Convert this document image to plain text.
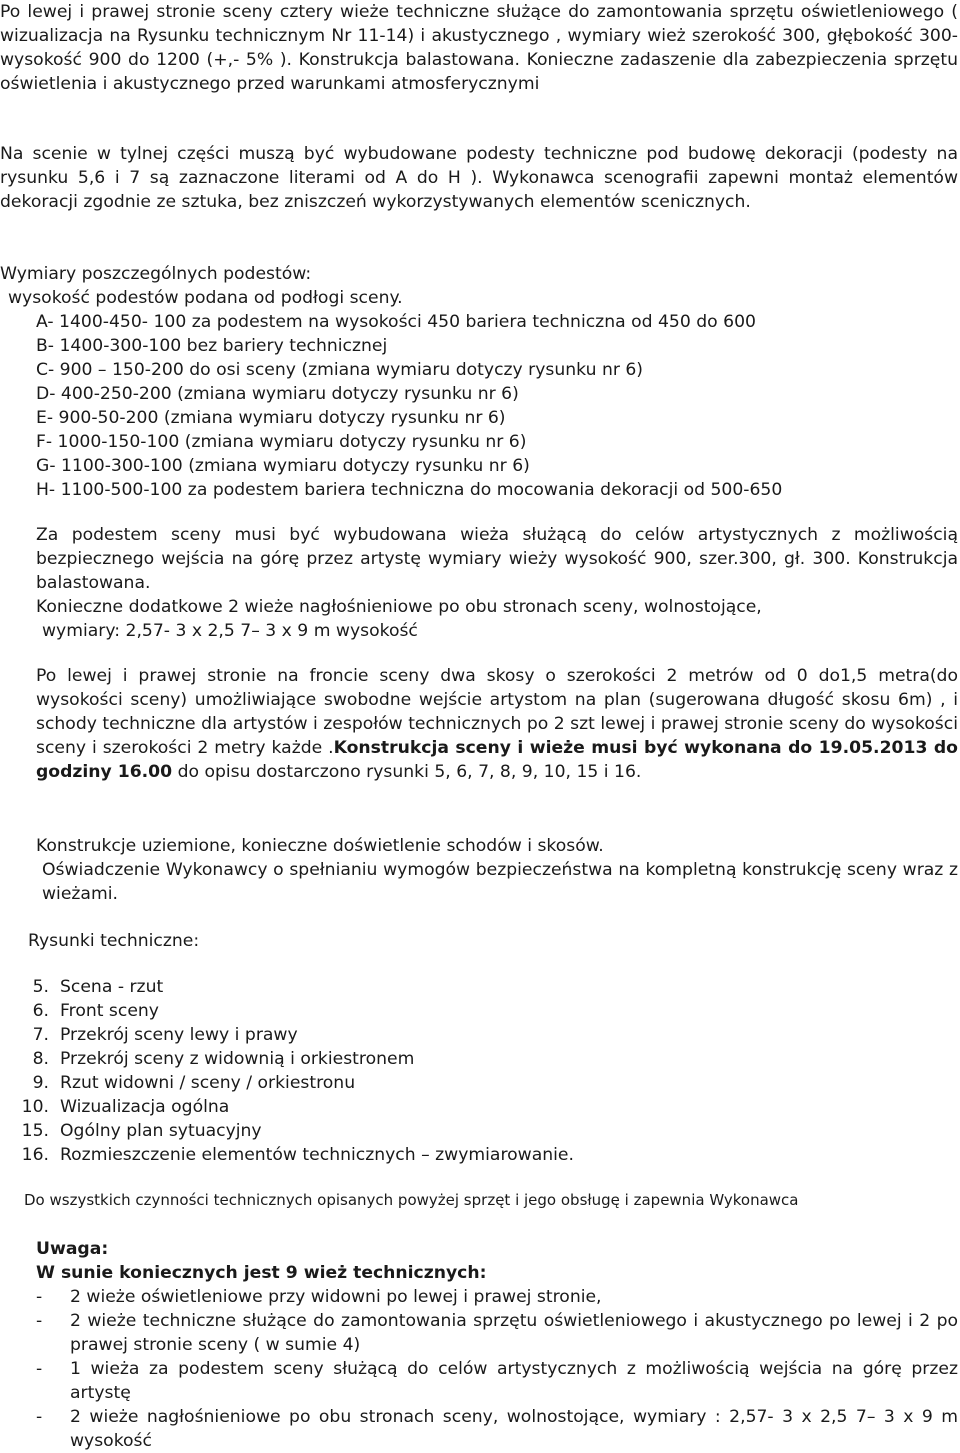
Po lewej i prawej stronie sceny cztery wieże techniczne służące do zamontowania sprzętu oświetleniowego ( wizualizacja na Rysunku technicznym Nr 11-14) i akustycznego , wymiary wież szerokość 300, głębokość 300- wysokość 900 do 1200 (+,- 5% ). Konstrukcja balastowana. Konieczne zadaszenie dla zabezpieczenia sprzętu oświetlenia i akustycznego przed warunkami atmosferycznymi

Na scenie w tylnej części muszą być wybudowane podesty techniczne pod budowę dekoracji (podesty na rysunku 5,6 i 7 są zaznaczone literami od A do H ). Wykonawca scenografii zapewni montaż elementów dekoracji zgodnie ze sztuka, bez zniszczeń wykorzystywanych elementów scenicznych.

Wymiary poszczególnych podestów:

wysokość podestów podana od podłogi sceny.

A- 1400-450- 100 za podestem na wysokości 450 bariera techniczna od 450 do 600

B- 1400-300-100 bez bariery technicznej

C- 900 – 150-200 do osi sceny (zmiana wymiaru dotyczy rysunku nr 6)

D- 400-250-200 (zmiana wymiaru dotyczy rysunku nr 6)

E- 900-50-200 (zmiana wymiaru dotyczy rysunku nr 6)

F- 1000-150-100 (zmiana wymiaru dotyczy rysunku nr 6)

G- 1100-300-100 (zmiana wymiaru dotyczy rysunku nr 6)

H- 1100-500-100 za podestem bariera techniczna do mocowania dekoracji od 500-650

Za podestem sceny musi być wybudowana wieża służącą do celów artystycznych z możliwością bezpiecznego wejścia na górę przez artystę wymiary wieży wysokość 900, szer.300, gł. 300. Konstrukcja balastowana.

Konieczne dodatkowe 2 wieże nagłośnieniowe po obu stronach sceny, wolnostojące,

wymiary: 2,57- 3 x 2,5 7– 3 x 9 m wysokość

Po lewej i prawej stronie na froncie sceny dwa skosy o szerokości 2 metrów od 0 do1,5 metra(do wysokości sceny) umożliwiające swobodne wejście artystom na plan (sugerowana długość skosu 6m) , i schody techniczne dla artystów i zespołów technicznych po 2 szt lewej i prawej stronie sceny do wysokości sceny i szerokości 2 metry każde .Konstrukcja sceny i wieże musi być wykonana do 19.05.2013 do godziny 16.00 do opisu dostarczono rysunki 5, 6, 7, 8, 9, 10, 15 i 16.

Konstrukcje uziemione, konieczne doświetlenie schodów i skosów.

Oświadczenie Wykonawcy o spełnianiu wymogów bezpieczeństwa na kompletną konstrukcję sceny wraz z wieżami.

Rysunki techniczne:

5. Scena - rzut
6. Front sceny
7. Przekrój sceny lewy i prawy
8. Przekrój sceny z widownią i orkiestronem
9. Rzut widowni / sceny / orkiestronu
10. Wizualizacja ogólna
15. Ogólny plan sytuacyjny
16. Rozmieszczenie elementów technicznych – zwymiarowanie.

Do wszystkich czynności technicznych opisanych powyżej sprzęt i jego obsługę i zapewnia Wykonawca

Uwaga:

W sunie koniecznych jest 9 wież technicznych:

-	2 wieże oświetleniowe przy widowni po lewej i prawej stronie,
-	2 wieże techniczne służące do zamontowania sprzętu oświetleniowego i akustycznego po lewej i 2 po prawej stronie sceny ( w sumie 4)
-	1 wieża za podestem sceny służącą do celów artystycznych z możliwością wejścia na górę przez artystę
-	2 wieże nagłośnieniowe po obu stronach sceny, wolnostojące, wymiary : 2,57- 3 x 2,5 7– 3 x 9 m wysokość
